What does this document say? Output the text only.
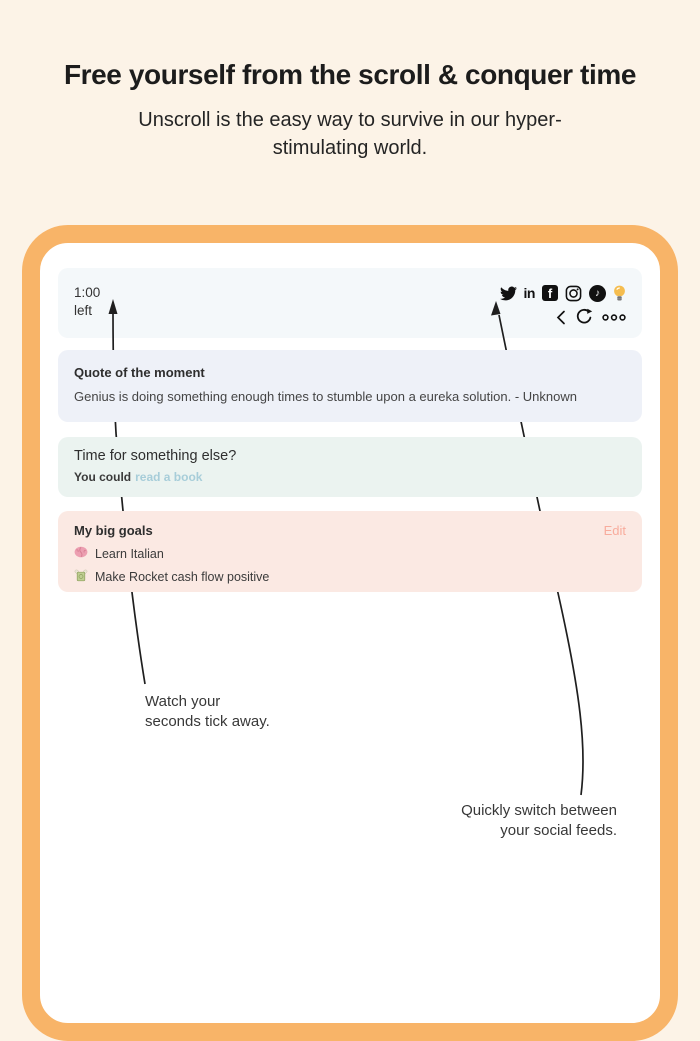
Free yourself from the scroll & conquer time

Unscroll is the easy way to survive in our hyper-stimulating world.

1:00
left
in f	♪
Quote of the moment
Genius is doing something enough times to stumble upon a eureka solution. - Unknown
Time for something else?
You could read a book
My big goals	Edit
Learn Italian
Make Rocket cash flow positive
Watch your seconds tick away.
Quickly switch between your social feeds.
